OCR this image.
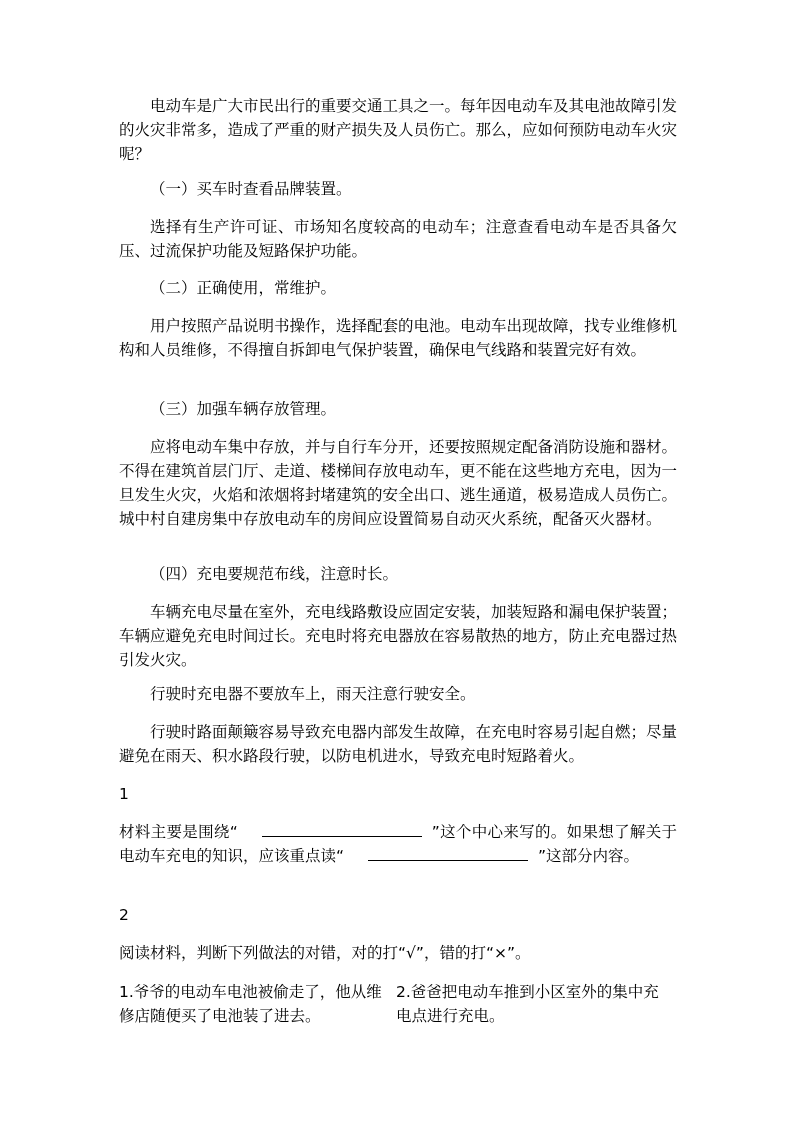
电动车是广大市民出行的重要交通工具之一。每年因电动车及其电池故障引发的火灾非常多，造成了严重的财产损失及人员伤亡。那么，应如何预防电动车火灾呢？

（一）买车时查看品牌装置。

选择有生产许可证、市场知名度较高的电动车；注意查看电动车是否具备欠压、过流保护功能及短路保护功能。

（二）正确使用，常维护。

用户按照产品说明书操作，选择配套的电池。电动车出现故障，找专业维修机构和人员维修，不得擅自拆卸电气保护装置，确保电气线路和装置完好有效。

（三）加强车辆存放管理。

应将电动车集中存放，并与自行车分开，还要按照规定配备消防设施和器材。不得在建筑首层门厅、走道、楼梯间存放电动车，更不能在这些地方充电，因为一旦发生火灾，火焰和浓烟将封堵建筑的安全出口、逃生通道，极易造成人员伤亡。城中村自建房集中存放电动车的房间应设置简易自动灭火系统，配备灭火器材。

（四）充电要规范布线，注意时长。

车辆充电尽量在室外，充电线路敷设应固定安装，加装短路和漏电保护装置；车辆应避免充电时间过长。充电时将充电器放在容易散热的地方，防止充电器过热引发火灾。

行驶时充电器不要放车上，雨天注意行驶安全。

行驶时路面颠簸容易导致充电器内部发生故障，在充电时容易引起自燃；尽量避免在雨天、积水路段行驶，以防电机进水，导致充电时短路着火。

1

材料主要是围绕“	”这个中心来写的。如果想了解关于电动车充电的知识，应该重点读“	”这部分内容。

2

阅读材料，判断下列做法的对错，对的打“√”，错的打“×”。

1.爷爷的电动车电池被偷走了，他从维修店随便买了电池装了进去。

2.爸爸把电动车推到小区室外的集中充电点进行充电。
